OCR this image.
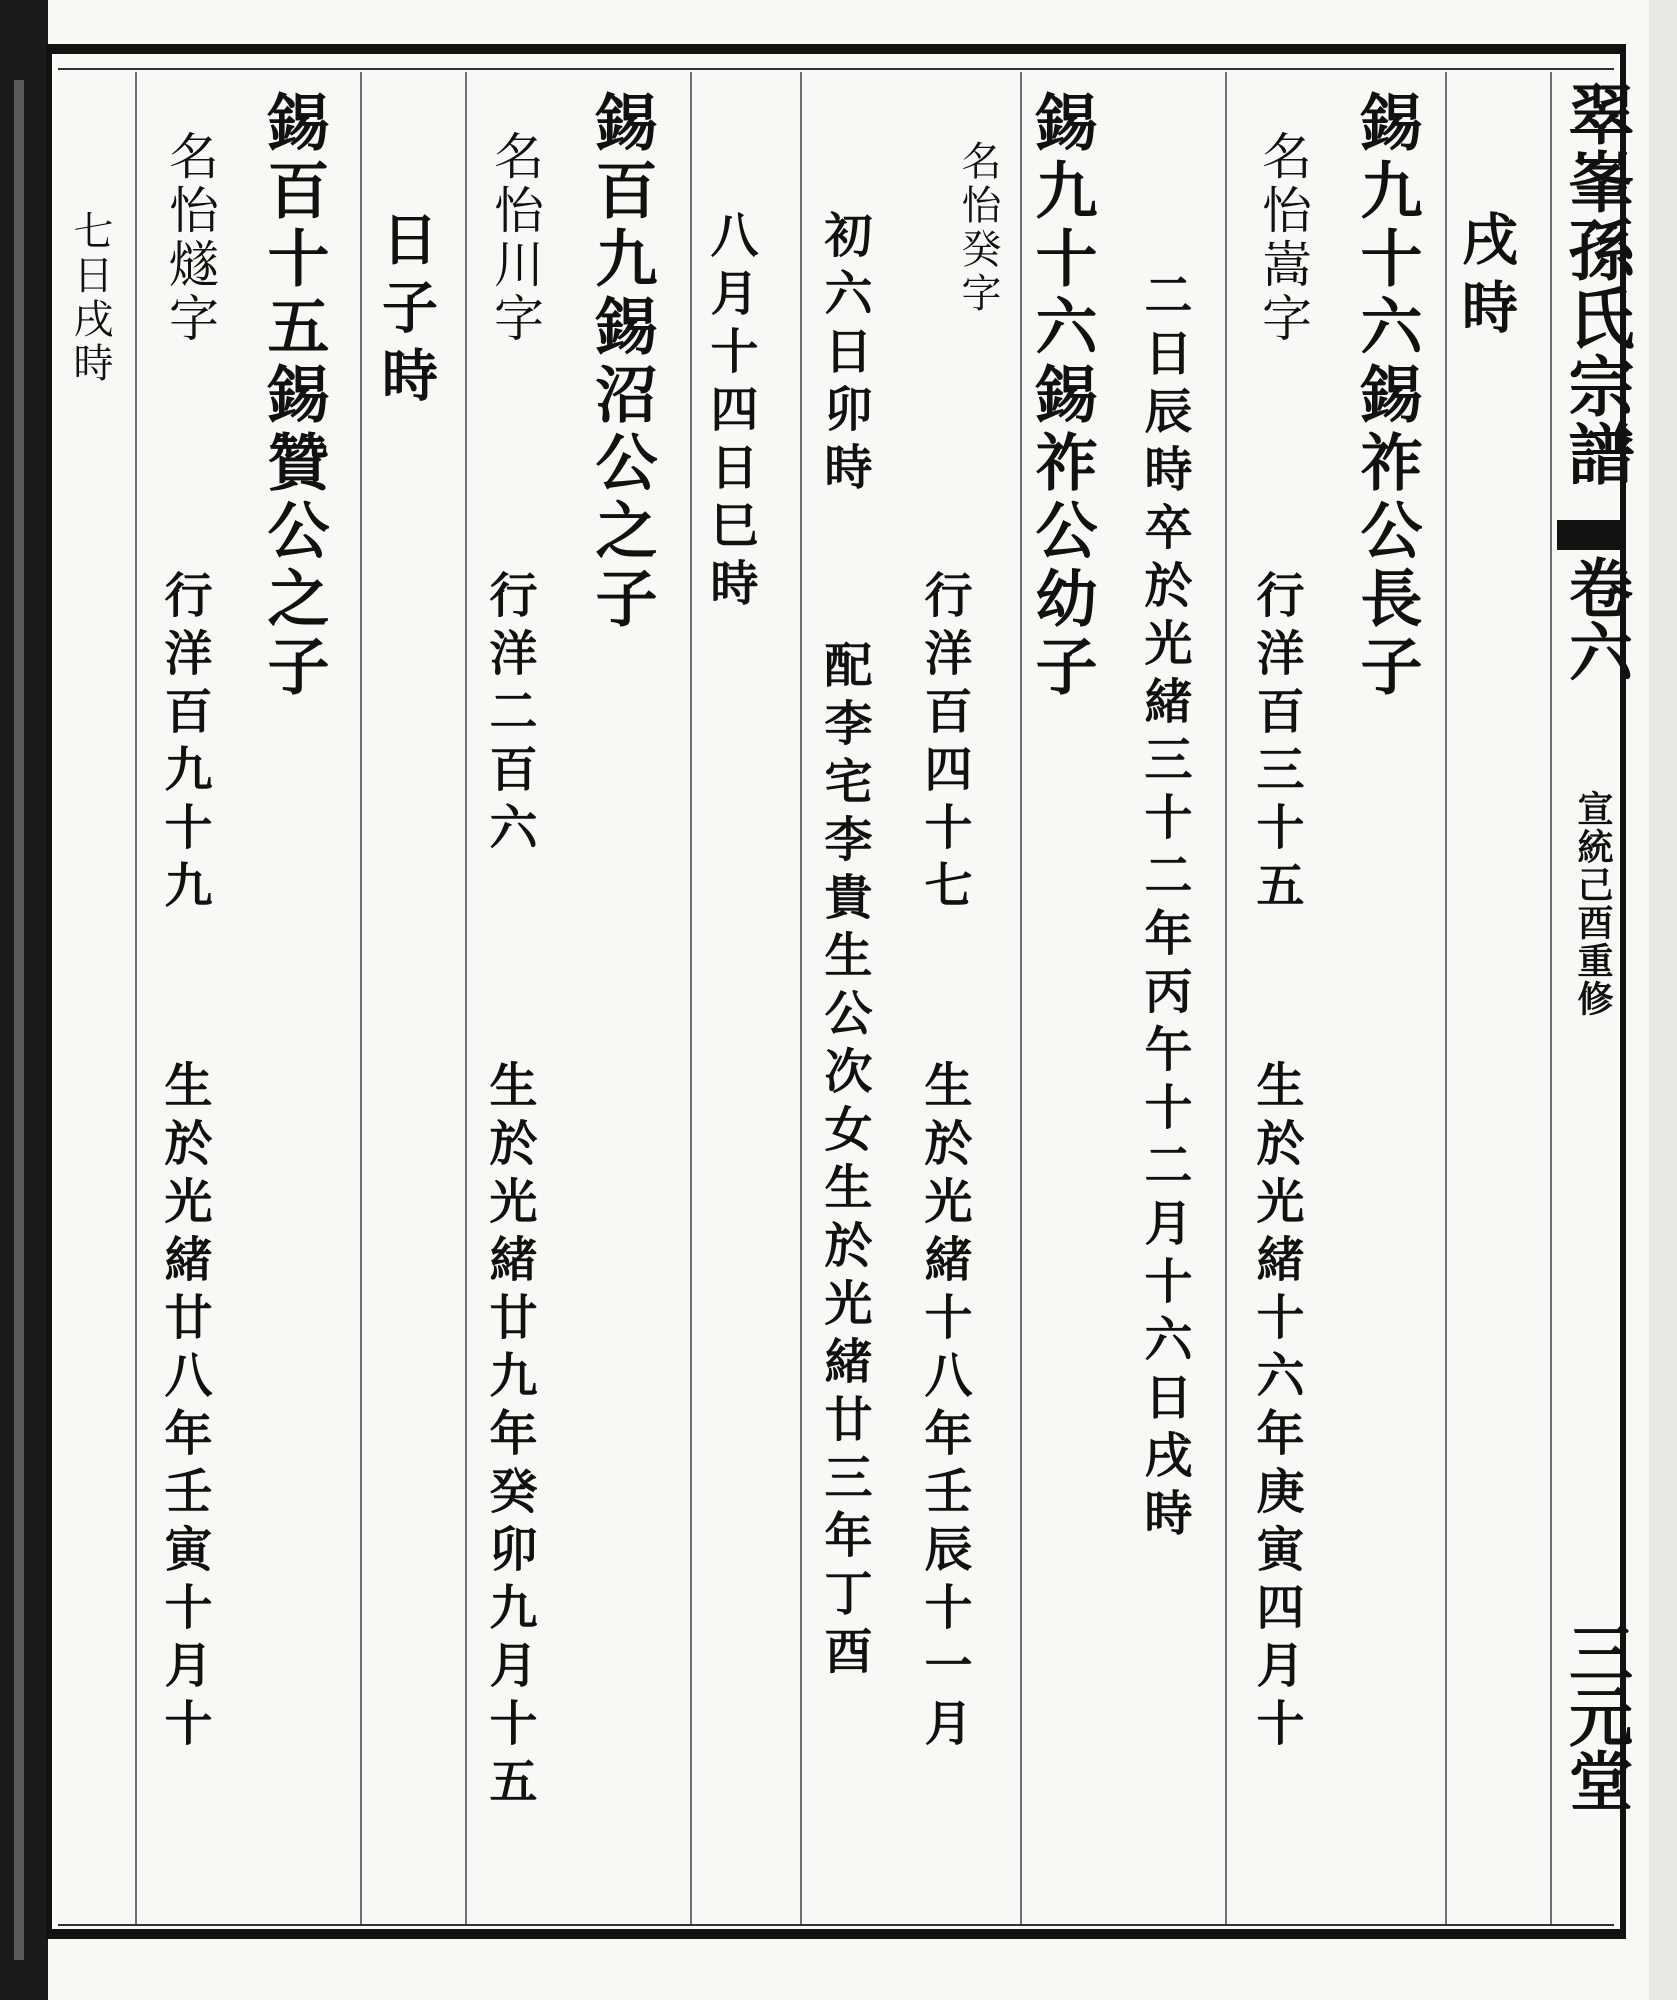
翠峯孫氏宗譜
卷六
宣統己酉重修
三元堂
戌時
錫九十六錫祚公長子
名怡嵩字
行洋百三十五
生於光緒十六年庚寅四月十
二日辰時卒於光緒三十二年丙午十二月十六日戌時
錫九十六錫祚公幼子
名怡癸字
行洋百四十七
生於光緒十八年壬辰十一月
初六日卯時
配李宅李貴生公次女生於光緒廿三年丁酉
八月十四日巳時
錫百九錫沼公之子
名怡川字
行洋二百六
生於光緒廿九年癸卯九月十五
日子時
錫百十五錫贊公之子
名怡燧字
行洋百九十九
生於光緒廿八年壬寅十月十
七日戌時
